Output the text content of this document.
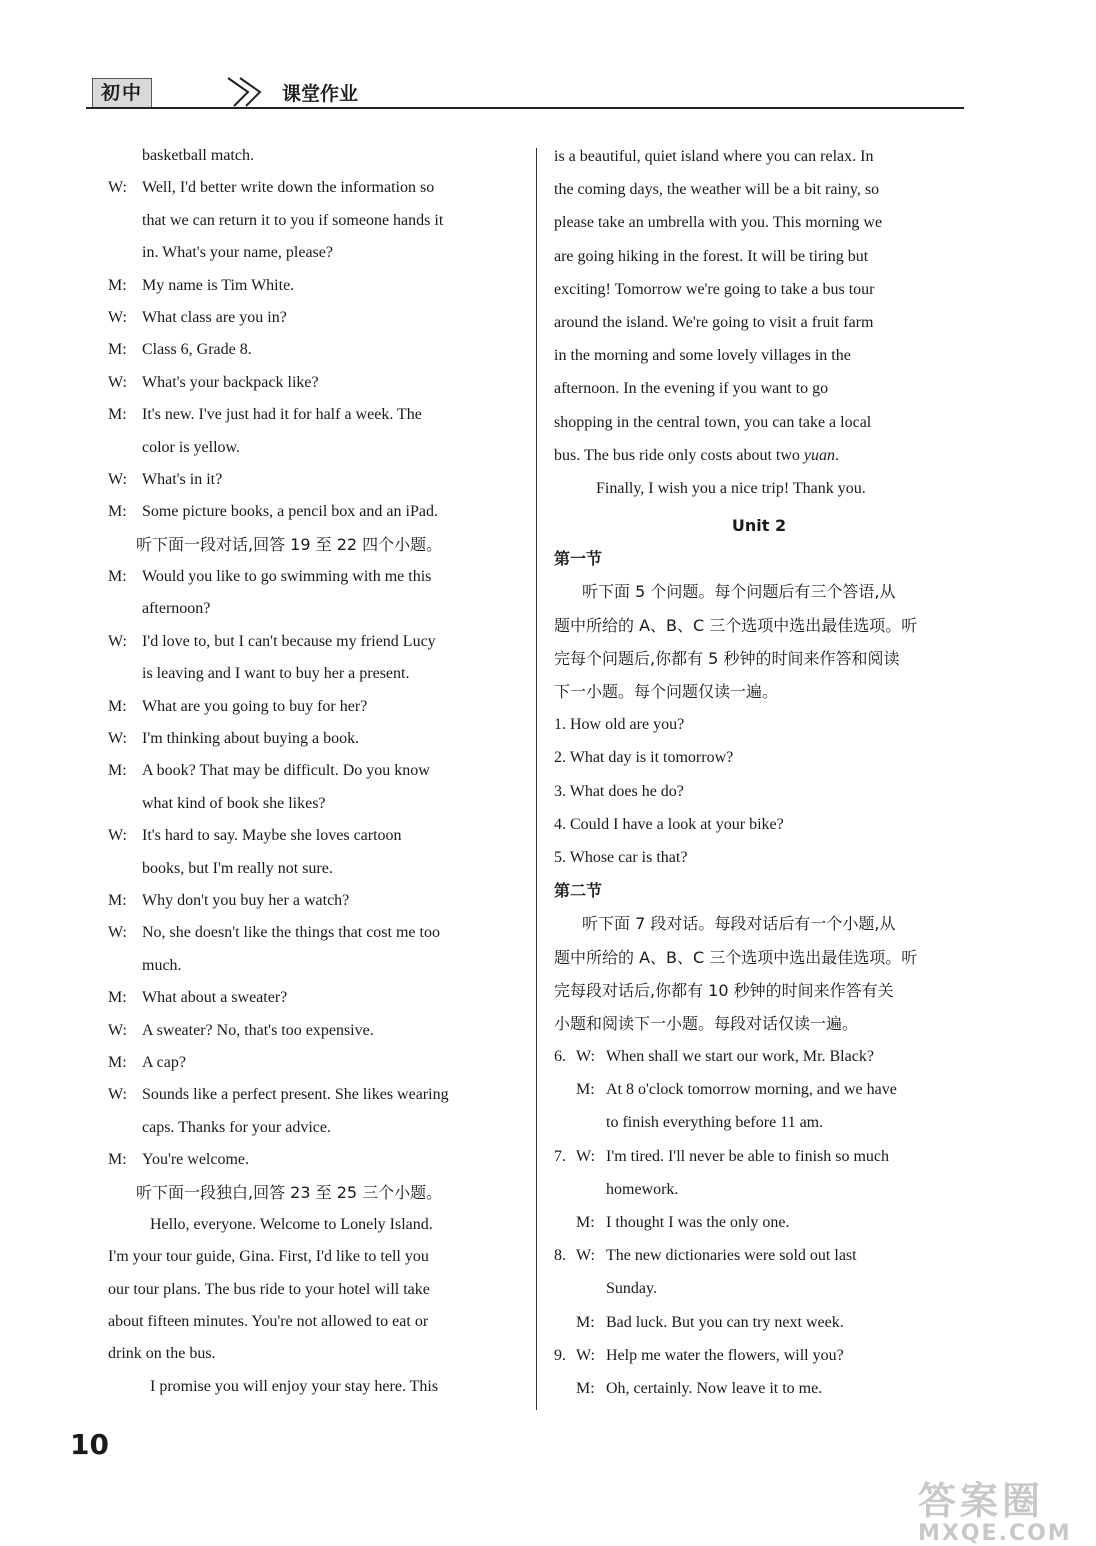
初中	课堂作业
basketball match.
W: Well, I'd better write down the information so
that we can return it to you if someone hands it
in. What's your name, please?
M: My name is Tim White.
W: What class are you in?
M: Class 6, Grade 8.
W: What's your backpack like?
M: It's new. I've just had it for half a week. The
color is yellow.
W: What's in it?
M: Some picture books, a pencil box and an iPad.
听下面一段对话,回答 19 至 22 四个小题。
M: Would you like to go swimming with me this
afternoon?
W: I'd love to, but I can't because my friend Lucy
is leaving and I want to buy her a present.
M: What are you going to buy for her?
W: I'm thinking about buying a book.
M: A book? That may be difficult. Do you know
what kind of book she likes?
W: It's hard to say. Maybe she loves cartoon
books, but I'm really not sure.
M: Why don't you buy her a watch?
W: No, she doesn't like the things that cost me too
much.
M: What about a sweater?
W: A sweater? No, that's too expensive.
M: A cap?
W: Sounds like a perfect present. She likes wearing
caps. Thanks for your advice.
M: You're welcome.
听下面一段独白,回答 23 至 25 三个小题。
Hello, everyone. Welcome to Lonely Island.
I'm your tour guide, Gina. First, I'd like to tell you
our tour plans. The bus ride to your hotel will take
about fifteen minutes. You're not allowed to eat or
drink on the bus.
I promise you will enjoy your stay here. This
is a beautiful, quiet island where you can relax. In
the coming days, the weather will be a bit rainy, so
please take an umbrella with you. This morning we
are going hiking in the forest. It will be tiring but
exciting! Tomorrow we're going to take a bus tour
around the island. We're going to visit a fruit farm
in the morning and some lovely villages in the
afternoon. In the evening if you want to go
shopping in the central town, you can take a local
bus. The bus ride only costs about two yuan.
Finally, I wish you a nice trip! Thank you.
Unit 2
第一节
听下面 5 个问题。每个问题后有三个答语,从
题中所给的 A、B、C 三个选项中选出最佳选项。听
完每个问题后,你都有 5 秒钟的时间来作答和阅读
下一小题。每个问题仅读一遍。
1. How old are you?
2. What day is it tomorrow?
3. What does he do?
4. Could I have a look at your bike?
5. Whose car is that?
第二节
听下面 7 段对话。每段对话后有一个小题,从
题中所给的 A、B、C 三个选项中选出最佳选项。听
完每段对话后,你都有 10 秒钟的时间来作答有关
小题和阅读下一小题。每段对话仅读一遍。
6. W: When shall we start our work, Mr. Black?
M: At 8 o'clock tomorrow morning, and we have
to finish everything before 11 am.
7. W: I'm tired. I'll never be able to finish so much
homework.
M: I thought I was the only one.
8. W: The new dictionaries were sold out last
Sunday.
M: Bad luck. But you can try next week.
9. W: Help me water the flowers, will you?
M: Oh, certainly. Now leave it to me.
10
答案圈
MXQE.COM
